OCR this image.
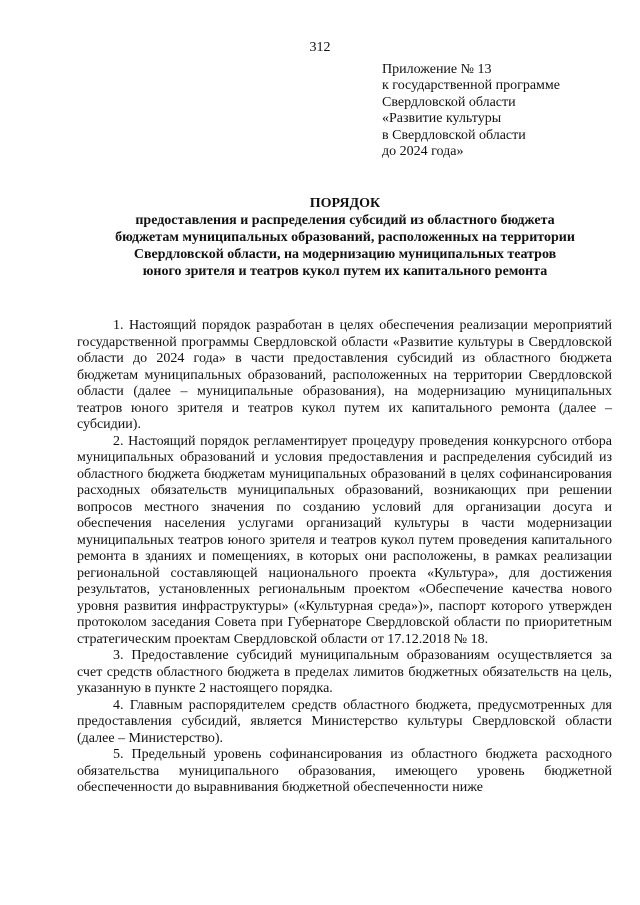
312
Приложение № 13
к государственной программе
Свердловской области
«Развитие культуры
в Свердловской области
до 2024 года»
ПОРЯДОК
предоставления и распределения субсидий из областного бюджета
бюджетам муниципальных образований, расположенных на территории
Свердловской области, на модернизацию муниципальных театров
юного зрителя и театров кукол путем их капитального ремонта

1. Настоящий порядок разработан в целях обеспечения реализации мероприятий государственной программы Свердловской области «Развитие культуры в Свердловской области до 2024 года» в части предоставления субсидий из областного бюджета бюджетам муниципальных образований, расположенных на территории Свердловской области (далее – муниципальные образования), на модернизацию муниципальных театров юного зрителя и театров кукол путем их капитального ремонта (далее – субсидии).

2. Настоящий порядок регламентирует процедуру проведения конкурсного отбора муниципальных образований и условия предоставления и распределения субсидий из областного бюджета бюджетам муниципальных образований в целях софинансирования расходных обязательств муниципальных образований, возникающих при решении вопросов местного значения по созданию условий для организации досуга и обеспечения населения услугами организаций культуры в части модернизации муниципальных театров юного зрителя и театров кукол путем проведения капитального ремонта в зданиях и помещениях, в которых они расположены, в рамках реализации региональной составляющей национального проекта «Культура», для достижения результатов, установленных региональным проектом «Обеспечение качества нового уровня развития инфраструктуры» («Культурная среда»)», паспорт которого утвержден протоколом заседания Совета при Губернаторе Свердловской области по приоритетным стратегическим проектам Свердловской области от 17.12.2018 № 18.

3. Предоставление субсидий муниципальным образованиям осуществляется за счет средств областного бюджета в пределах лимитов бюджетных обязательств на цель, указанную в пункте 2 настоящего порядка.

4. Главным распорядителем средств областного бюджета, предусмотренных для предоставления субсидий, является Министерство культуры Свердловской области (далее – Министерство).

5. Предельный уровень софинансирования из областного бюджета расходного обязательства муниципального образования, имеющего уровень бюджетной обеспеченности до выравнивания бюджетной обеспеченности ниже
